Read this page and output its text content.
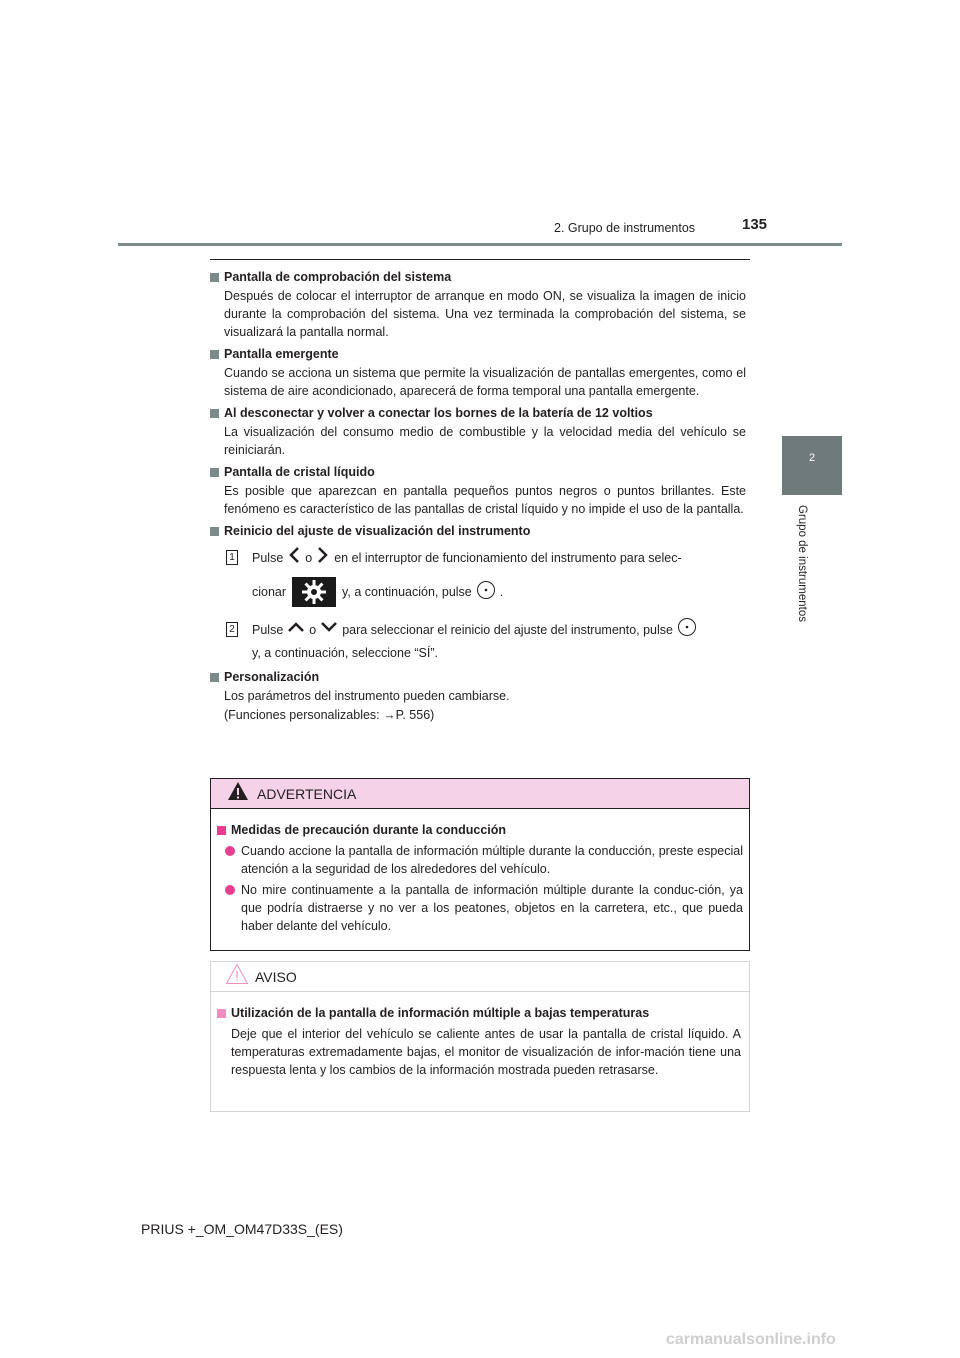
2. Grupo de instrumentos	135
2
Grupo de instrumentos
Pantalla de comprobación del sistema
Después de colocar el interruptor de arranque en modo ON, se visualiza la imagen de inicio durante la comprobación del sistema. Una vez terminada la comprobación del sistema, se visualizará la pantalla normal.
Pantalla emergente
Cuando se acciona un sistema que permite la visualización de pantallas emergentes, como el sistema de aire acondicionado, aparecerá de forma temporal una pantalla emergente.
Al desconectar y volver a conectar los bornes de la batería de 12 voltios
La visualización del consumo medio de combustible y la velocidad media del vehículo se reiniciarán.
Pantalla de cristal líquido
Es posible que aparezcan en pantalla pequeños puntos negros o puntos brillantes. Este fenómeno es característico de las pantallas de cristal líquido y no impide el uso de la pantalla.
Reinicio del ajuste de visualización del instrumento
1 Pulse o en el interruptor de funcionamiento del instrumento para selec-
cionar	y, a continuación, pulse .
2 Pulse o para seleccionar el reinicio del ajuste del instrumento, pulse
y, a continuación, seleccione “SÍ”.
Personalización
Los parámetros del instrumento pueden cambiarse.
(Funciones personalizables: →P. 556)
ADVERTENCIA
Medidas de precaución durante la conducción
Cuando accione la pantalla de información múltiple durante la conducción, preste especial atención a la seguridad de los alrededores del vehículo.
No mire continuamente a la pantalla de información múltiple durante la conduc-ción, ya que podría distraerse y no ver a los peatones, objetos en la carretera, etc., que pueda haber delante del vehículo.
AVISO
Utilización de la pantalla de información múltiple a bajas temperaturas
Deje que el interior del vehículo se caliente antes de usar la pantalla de cristal líquido. A temperaturas extremadamente bajas, el monitor de visualización de infor-mación tiene una respuesta lenta y los cambios de la información mostrada pueden retrasarse.
PRIUS +_OM_OM47D33S_(ES)
carmanualsonline.info
